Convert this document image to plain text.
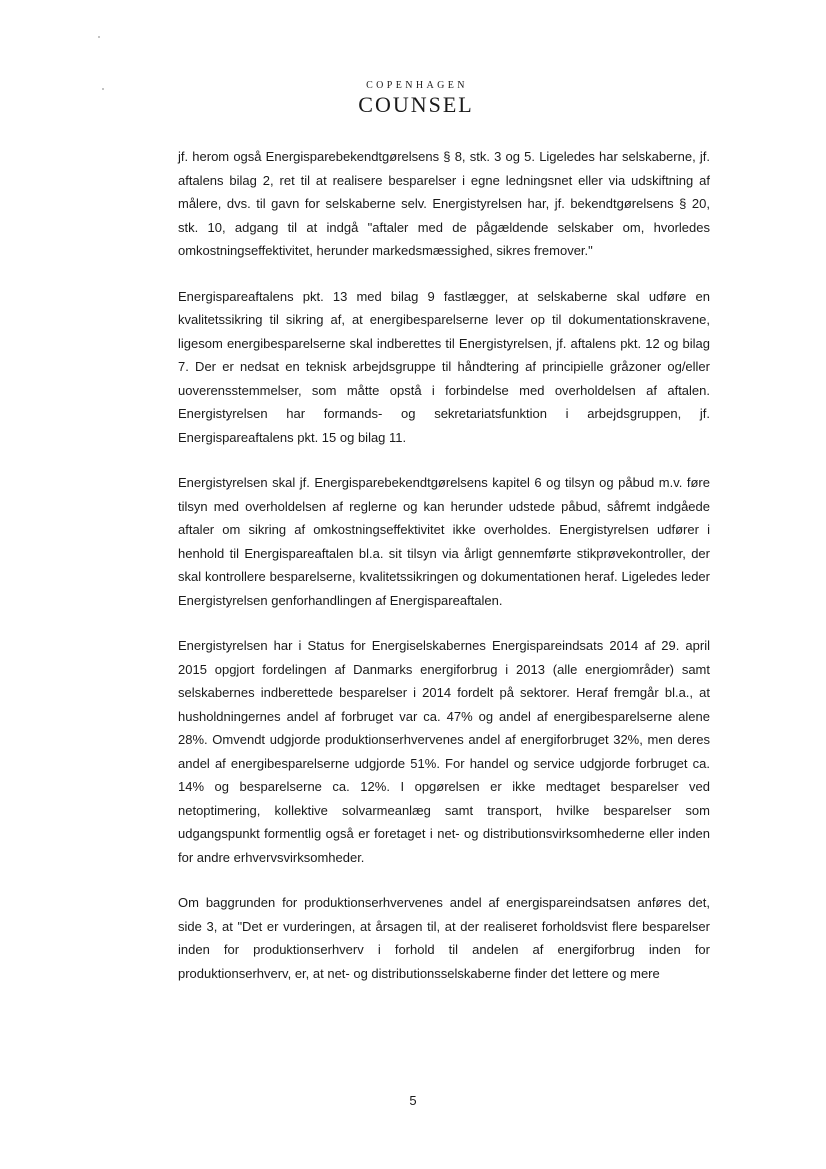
COPENHAGEN
COUNSEL

jf. herom også Energisparebekendtgørelsens § 8, stk. 3 og 5. Ligeledes har selskaberne, jf. aftalens bilag 2, ret til at realisere besparelser i egne ledningsnet eller via udskiftning af målere, dvs. til gavn for selskaberne selv. Energistyrelsen har, jf. bekendtgørelsens § 20, stk. 10, adgang til at indgå "aftaler med de pågældende selskaber om, hvorledes omkostningseffektivitet, herunder markedsmæssighed, sikres fremover."

Energispareaftalens pkt. 13 med bilag 9 fastlægger, at selskaberne skal udføre en kvalitetssikring til sikring af, at energibesparelserne lever op til dokumentationskravene, ligesom energibesparelserne skal indberettes til Energistyrelsen, jf. aftalens pkt. 12 og bilag 7. Der er nedsat en teknisk arbejdsgruppe til håndtering af principielle gråzoner og/eller uoverensstemmelser, som måtte opstå i forbindelse med overholdelsen af aftalen. Energistyrelsen har formands- og sekretariatsfunktion i arbejdsgruppen, jf. Energispareaftalens pkt. 15 og bilag 11.

Energistyrelsen skal jf. Energisparebekendtgørelsens kapitel 6 og tilsyn og påbud m.v. føre tilsyn med overholdelsen af reglerne og kan herunder udstede påbud, såfremt indgåede aftaler om sikring af omkostningseffektivitet ikke overholdes. Energistyrelsen udfører i henhold til Energispareaftalen bl.a. sit tilsyn via årligt gennemførte stikprøvekontroller, der skal kontrollere besparelserne, kvalitetssikringen og dokumentationen heraf. Ligeledes leder Energistyrelsen genforhandlingen af Energispareaftalen.

Energistyrelsen har i Status for Energiselskabernes Energispareindsats 2014 af 29. april 2015 opgjort fordelingen af Danmarks energiforbrug i 2013 (alle energiområder) samt selskabernes indberettede besparelser i 2014 fordelt på sektorer. Heraf fremgår bl.a., at husholdningernes andel af forbruget var ca. 47% og andel af energibesparelserne alene 28%. Omvendt udgjorde produktionserhvervenes andel af energiforbruget 32%, men deres andel af energibesparelserne udgjorde 51%. For handel og service udgjorde forbruget ca. 14% og besparelserne ca. 12%. I opgørelsen er ikke medtaget besparelser ved netoptimering, kollektive solvarmeanlæg samt transport, hvilke besparelser som udgangspunkt formentlig også er foretaget i net- og distributionsvirksomhederne eller inden for andre erhvervsvirksomheder.

Om baggrunden for produktionserhvervenes andel af energispareindsatsen anføres det, side 3, at "Det er vurderingen, at årsagen til, at der realiseret forholdsvist flere besparelser inden for produktionserhverv i forhold til andelen af energiforbrug inden for produktionserhverv, er, at net- og distributionsselskaberne finder det lettere og mere

5
